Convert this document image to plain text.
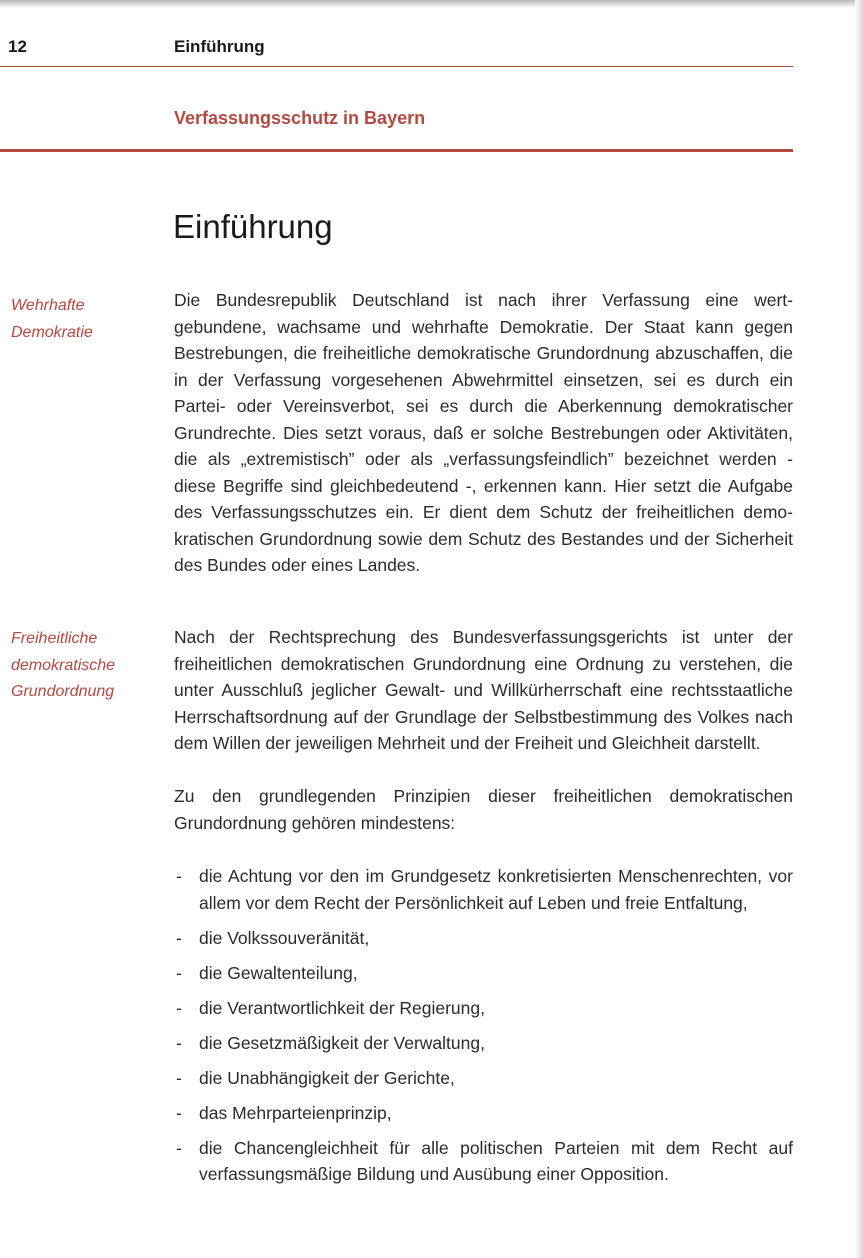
12	Einführung
Verfassungsschutz in Bayern
Einführung
Wehrhafte
Demokratie

Die Bundesrepublik Deutschland ist nach ihrer Verfassung eine wertgebundene, wachsame und wehrhafte Demokratie. Der Staat kann gegen Bestrebungen, die freiheitliche demokratische Grundordnung abzuschaffen, die in der Verfassung vorgesehenen Abwehrmittel einsetzen, sei es durch ein Partei- oder Vereinsverbot, sei es durch die Aberkennung demokratischer Grundrechte. Dies setzt voraus, daß er solche Bestrebungen oder Aktivitäten, die als „extremistisch” oder als „verfassungsfeindlich” bezeichnet werden - diese Begriffe sind gleichbedeutend -, erkennen kann. Hier setzt die Aufgabe des Verfassungsschutzes ein. Er dient dem Schutz der freiheitlichen demokratischen Grundordnung sowie dem Schutz des Bestandes und der Sicherheit des Bundes oder eines Landes.

Freiheitliche
demokratische
Grundordnung

Nach der Rechtsprechung des Bundesverfassungsgerichts ist unter der freiheitlichen demokratischen Grundordnung eine Ordnung zu verstehen, die unter Ausschluß jeglicher Gewalt- und Willkürherrschaft eine rechtsstaatliche Herrschaftsordnung auf der Grundlage der Selbstbestimmung des Volkes nach dem Willen der jeweiligen Mehrheit und der Freiheit und Gleichheit darstellt.

Zu den grundlegenden Prinzipien dieser freiheitlichen demokratischen Grundordnung gehören mindestens:

- die Achtung vor den im Grundgesetz konkretisierten Menschenrechten, vor allem vor dem Recht der Persönlichkeit auf Leben und freie Entfaltung,
- die Volkssouveränität,
- die Gewaltenteilung,
- die Verantwortlichkeit der Regierung,
- die Gesetzmäßigkeit der Verwaltung,
- die Unabhängigkeit der Gerichte,
- das Mehrparteienprinzip,
- die Chancengleichheit für alle politischen Parteien mit dem Recht auf verfassungsmäßige Bildung und Ausübung einer Opposition.
